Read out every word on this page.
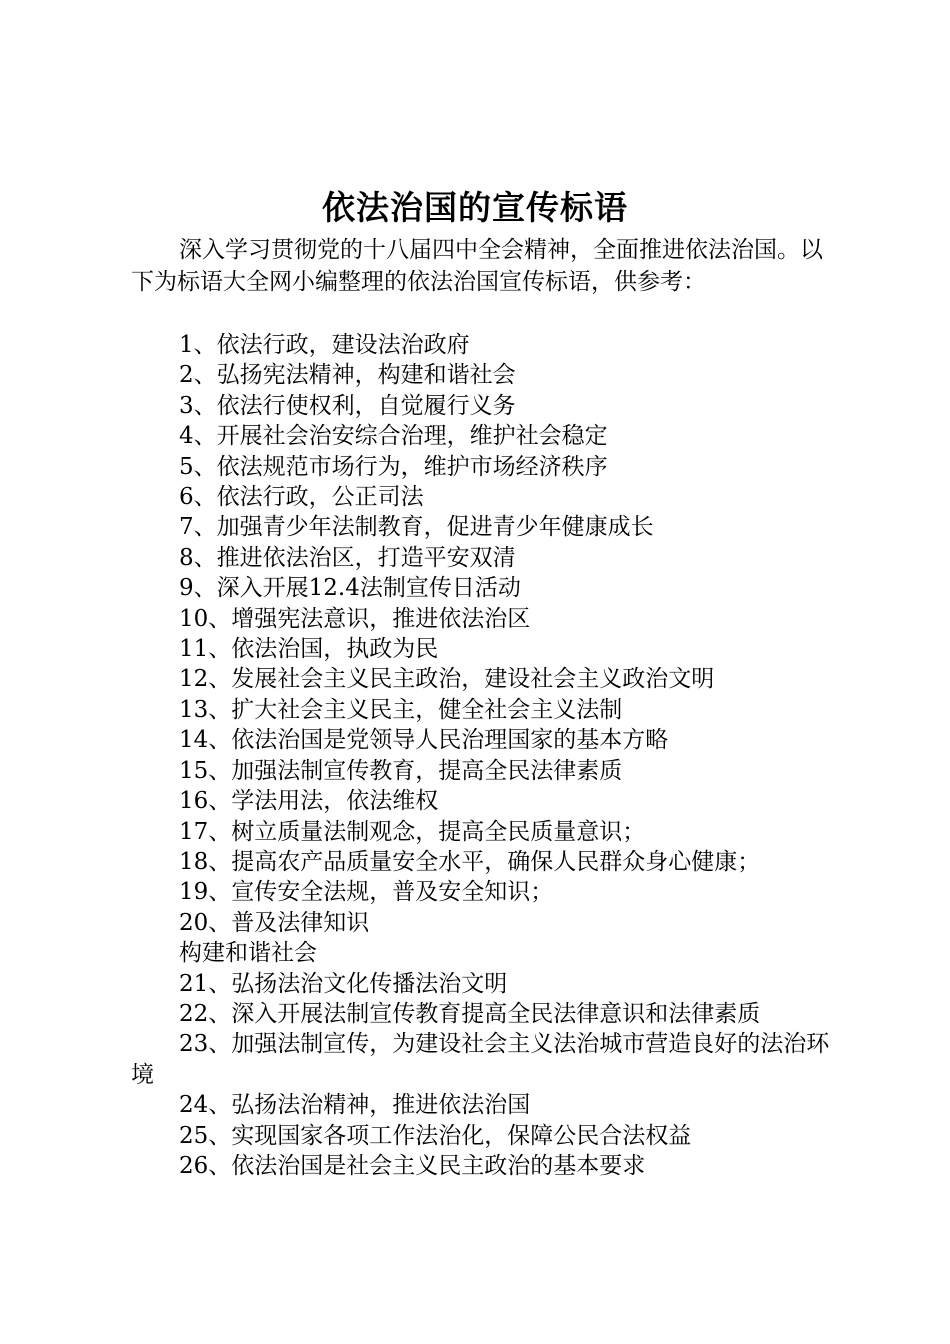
依法治国的宣传标语

深入学习贯彻党的十八届四中全会精神，全面推进依法治国。以下为标语大全网小编整理的依法治国宣传标语，供参考：

1、依法行政，建设法治政府
2、弘扬宪法精神，构建和谐社会
3、依法行使权利，自觉履行义务
4、开展社会治安综合治理，维护社会稳定
5、依法规范市场行为，维护市场经济秩序
6、依法行政，公正司法
7、加强青少年法制教育，促进青少年健康成长
8、推进依法治区，打造平安双清
9、深入开展12.4法制宣传日活动
10、增强宪法意识，推进依法治区
11、依法治国，执政为民
12、发展社会主义民主政治，建设社会主义政治文明
13、扩大社会主义民主，健全社会主义法制
14、依法治国是党领导人民治理国家的基本方略
15、加强法制宣传教育，提高全民法律素质
16、学法用法，依法维权
17、树立质量法制观念，提高全民质量意识；
18、提高农产品质量安全水平，确保人民群众身心健康；
19、宣传安全法规，普及安全知识；
20、普及法律知识
构建和谐社会
21、弘扬法治文化传播法治文明
22、深入开展法制宣传教育提高全民法律意识和法律素质
23、加强法制宣传，为建设社会主义法治城市营造良好的法治环境
24、弘扬法治精神，推进依法治国
25、实现国家各项工作法治化，保障公民合法权益
26、依法治国是社会主义民主政治的基本要求
